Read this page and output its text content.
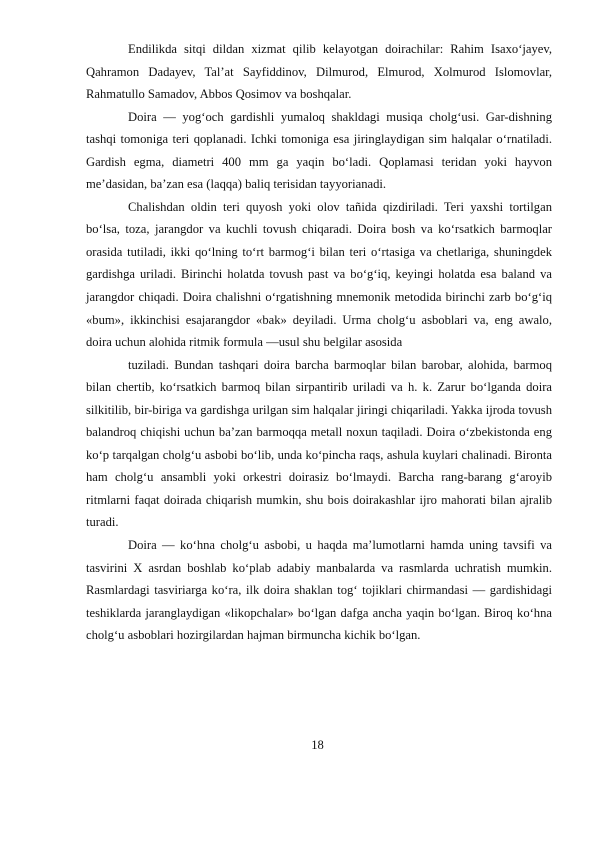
Endilikda sitqi dildan xizmat qilib kelayotgan doirachilar: Rahim Isaxo‘jayev, Qahramon Dadayev, Tal’at Sayfiddinov, Dilmurod, Elmurod, Xolmurod Islomovlar, Rahmatullo Samadov, Abbos Qosimov va boshqalar.

Doira — yog‘och gardishli yumaloq shakldagi musiqa cholg‘usi. Gar-dishning tashqi tomoniga teri qoplanadi. Ichki tomoniga esa jiringlaydigan sim halqalar o‘rnatiladi. Gardish egma, diametri 400 mm ga yaqin bo‘ladi. Qoplamasi teridan yoki hayvon me’dasidan, ba’zan esa (laqqa) baliq terisidan tayyorianadi.

Chalishdan oldin teri quyosh yoki olov tañida qizdiriladi. Teri yaxshi tortilgan bo‘lsa, toza, jarangdor va kuchli tovush chiqaradi. Doira bosh va ko‘rsatkich barmoqlar orasida tutiladi, ikki qo‘lning to‘rt barmog‘i bilan teri o‘rtasiga va chetlariga, shuningdek gardishga uriladi. Birinchi holatda tovush past va bo‘g‘iq, keyingi holatda esa baland va jarangdor chiqadi. Doira chalishni o‘rgatishning mnemonik metodida birinchi zarb bo‘g‘iq «bum», ikkinchisi esajarangdor «bak» deyiladi. Urma cholg‘u asboblari va, eng awalo, doira uchun alohida ritmik formula —usul shu belgilar asosida

tuziladi. Bundan tashqari doira barcha barmoqlar bilan barobar, alohida, barmoq bilan chertib, ko‘rsatkich barmoq bilan sirpantirib uriladi va h. k. Zarur bo‘lganda doira silkitilib, bir-biriga va gardishga urilgan sim halqalar jiringi chiqariladi. Yakka ijroda tovush balandroq chiqishi uchun ba’zan barmoqqa metall noxun taqiladi. Doira o‘zbekistonda eng ko‘p tarqalgan cholg‘u asbobi bo‘lib, unda ko‘pincha raqs, ashula kuylari chalinadi. Bironta ham cholg‘u ansambli yoki orkestri doirasiz bo‘lmaydi. Barcha rang-barang g‘aroyib ritmlarni faqat doirada chiqarish mumkin, shu bois doirakashlar ijro mahorati bilan ajralib turadi.

Doira — ko‘hna cholg‘u asbobi, u haqda ma’lumotlarni hamda uning tavsifi va tasvirini X asrdan boshlab ko‘plab adabiy manbalarda va rasmlarda uchratish mumkin. Rasmlardagi tasviriarga ko‘ra, ilk doira shaklan tog‘ tojiklari chirmandasi — gardishidagi teshiklarda jaranglaydigan «likopchalar» bo‘lgan dafga ancha yaqin bo‘lgan. Biroq ko‘hna cholg‘u asboblari hozirgilardan hajman birmuncha kichik bo‘lgan.

18
